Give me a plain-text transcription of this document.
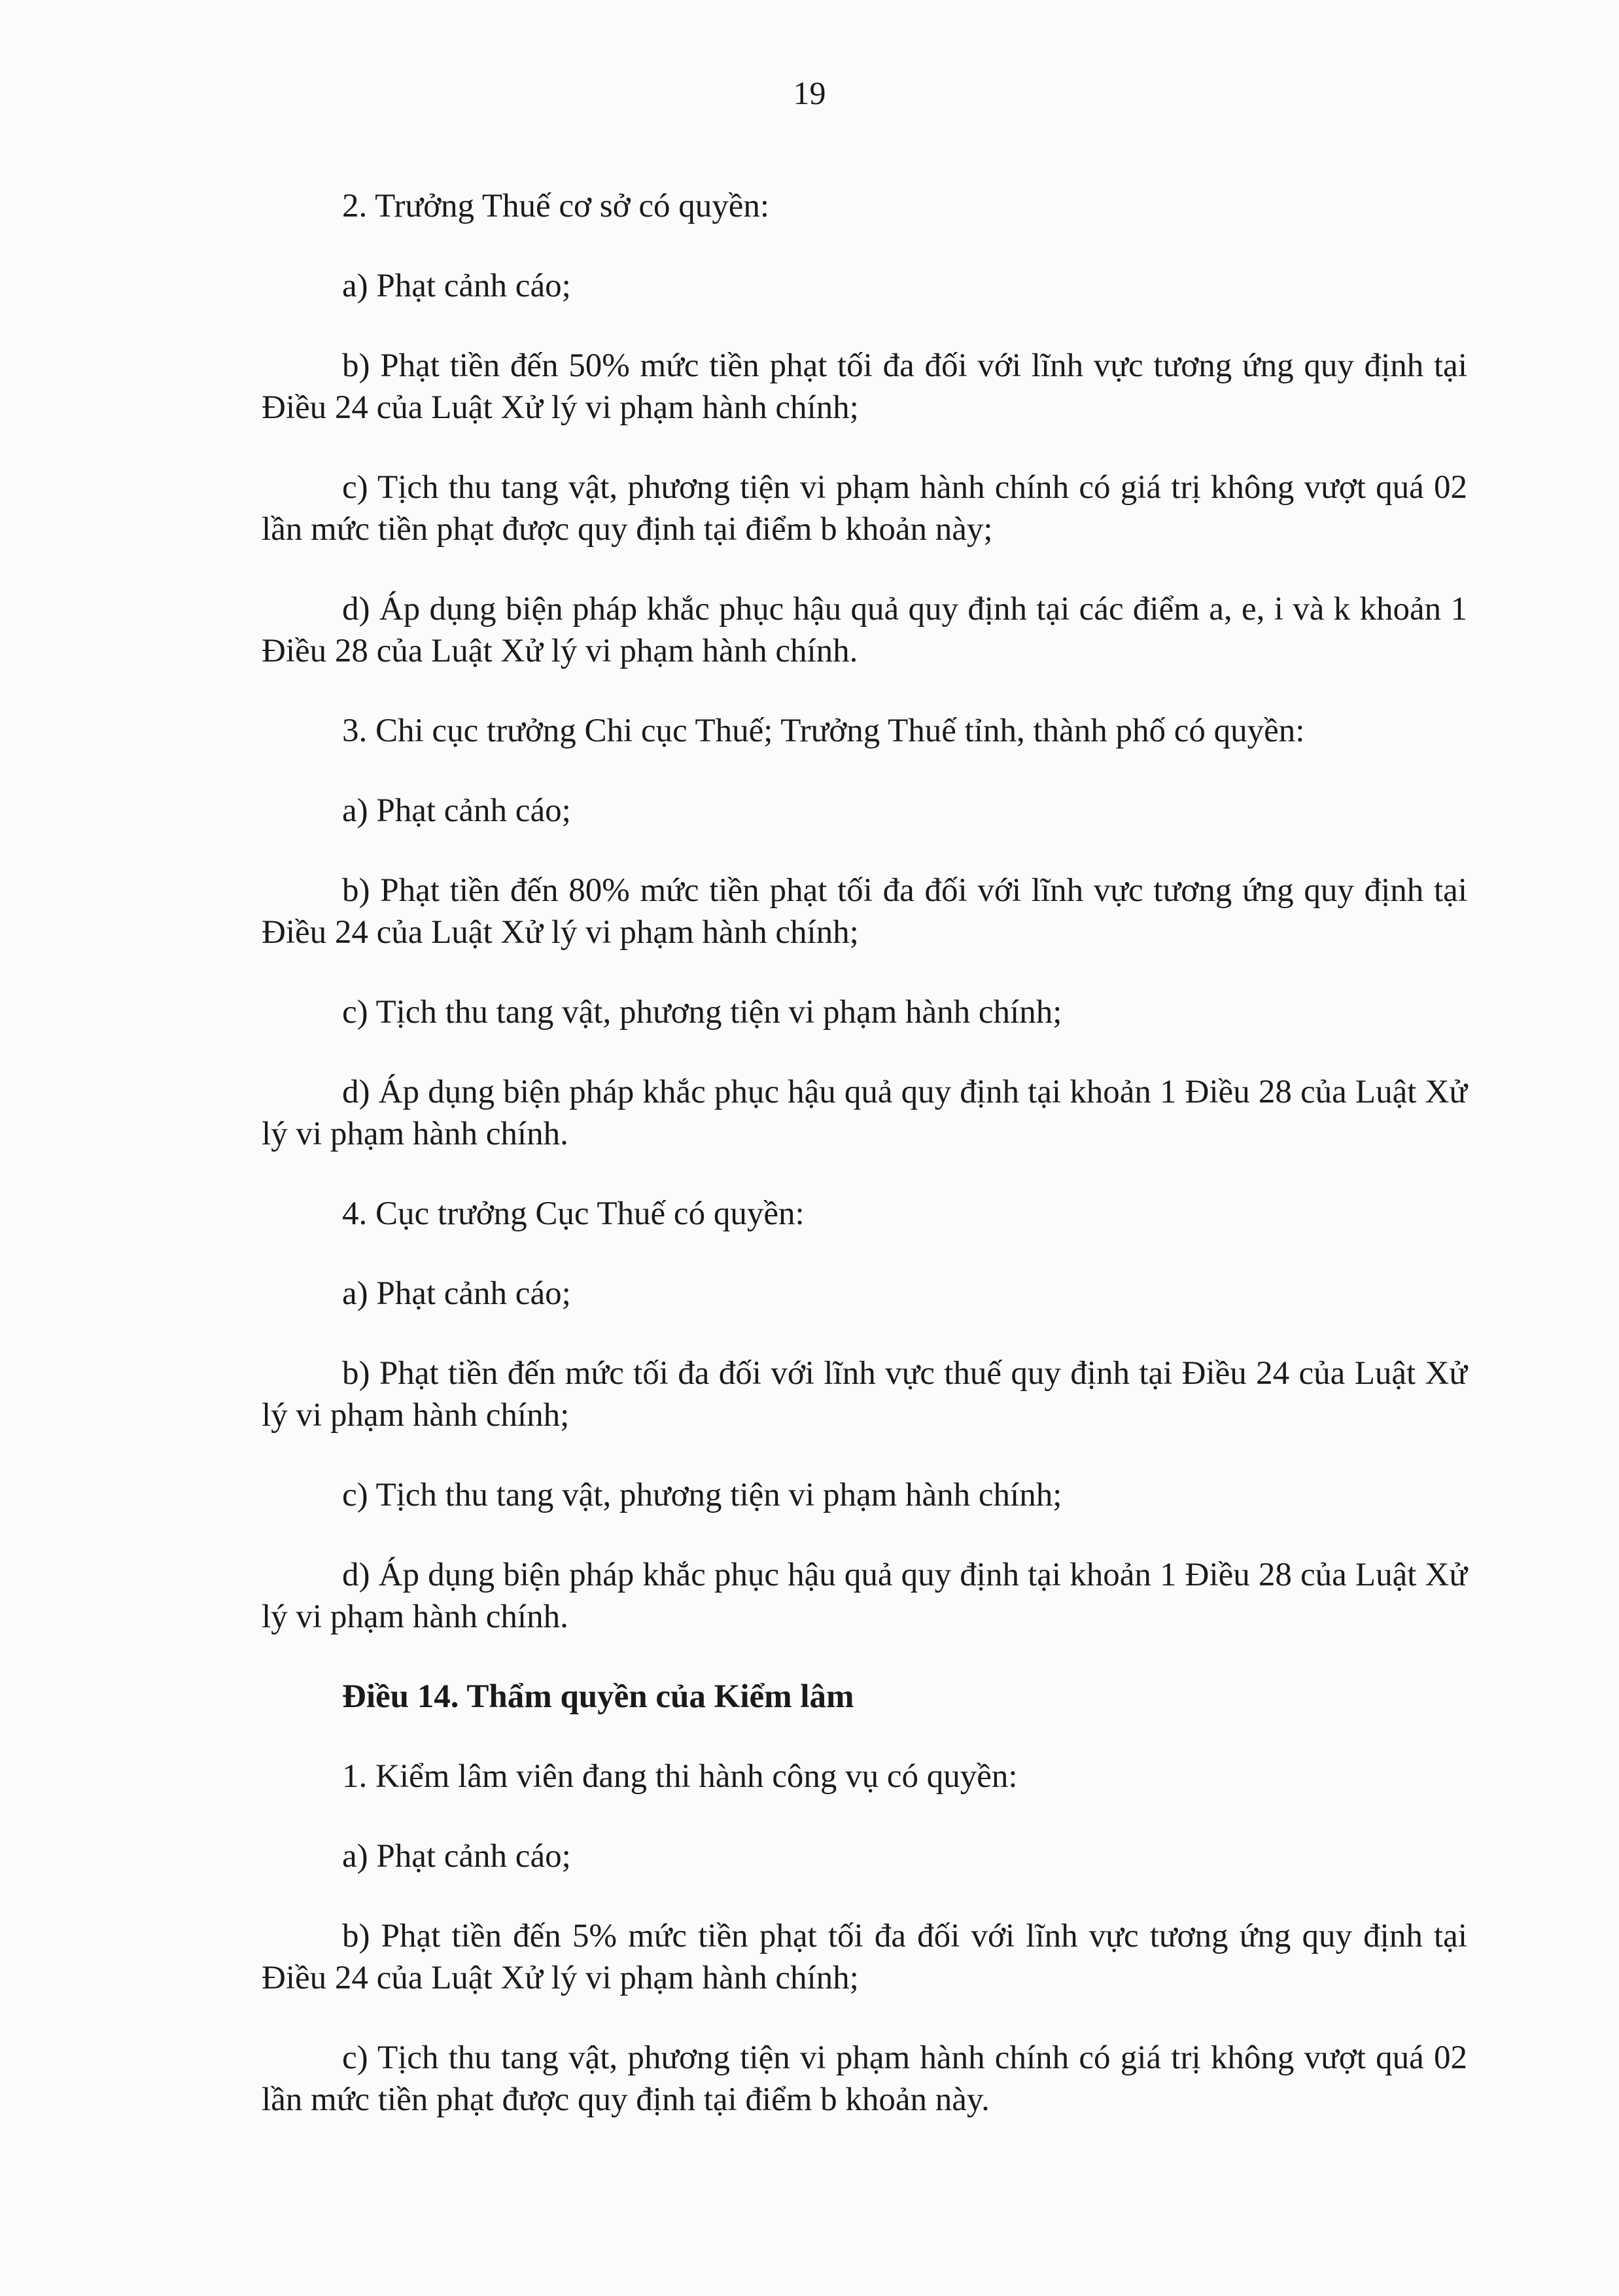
19

2. Trưởng Thuế cơ sở có quyền:

a) Phạt cảnh cáo;

b) Phạt tiền đến 50% mức tiền phạt tối đa đối với lĩnh vực tương ứng quy định tại Điều 24 của Luật Xử lý vi phạm hành chính;

c) Tịch thu tang vật, phương tiện vi phạm hành chính có giá trị không vượt quá 02 lần mức tiền phạt được quy định tại điểm b khoản này;

d) Áp dụng biện pháp khắc phục hậu quả quy định tại các điểm a, e, i và k khoản 1 Điều 28 của Luật Xử lý vi phạm hành chính.

3. Chi cục trưởng Chi cục Thuế; Trưởng Thuế tỉnh, thành phố có quyền:

a) Phạt cảnh cáo;

b) Phạt tiền đến 80% mức tiền phạt tối đa đối với lĩnh vực tương ứng quy định tại Điều 24 của Luật Xử lý vi phạm hành chính;

c) Tịch thu tang vật, phương tiện vi phạm hành chính;

d) Áp dụng biện pháp khắc phục hậu quả quy định tại khoản 1 Điều 28 của Luật Xử lý vi phạm hành chính.

4. Cục trưởng Cục Thuế có quyền:

a) Phạt cảnh cáo;

b) Phạt tiền đến mức tối đa đối với lĩnh vực thuế quy định tại Điều 24 của Luật Xử lý vi phạm hành chính;

c) Tịch thu tang vật, phương tiện vi phạm hành chính;

d) Áp dụng biện pháp khắc phục hậu quả quy định tại khoản 1 Điều 28 của Luật Xử lý vi phạm hành chính.

Điều 14. Thẩm quyền của Kiểm lâm

1. Kiểm lâm viên đang thi hành công vụ có quyền:

a) Phạt cảnh cáo;

b) Phạt tiền đến 5% mức tiền phạt tối đa đối với lĩnh vực tương ứng quy định tại Điều 24 của Luật Xử lý vi phạm hành chính;

c) Tịch thu tang vật, phương tiện vi phạm hành chính có giá trị không vượt quá 02 lần mức tiền phạt được quy định tại điểm b khoản này.
